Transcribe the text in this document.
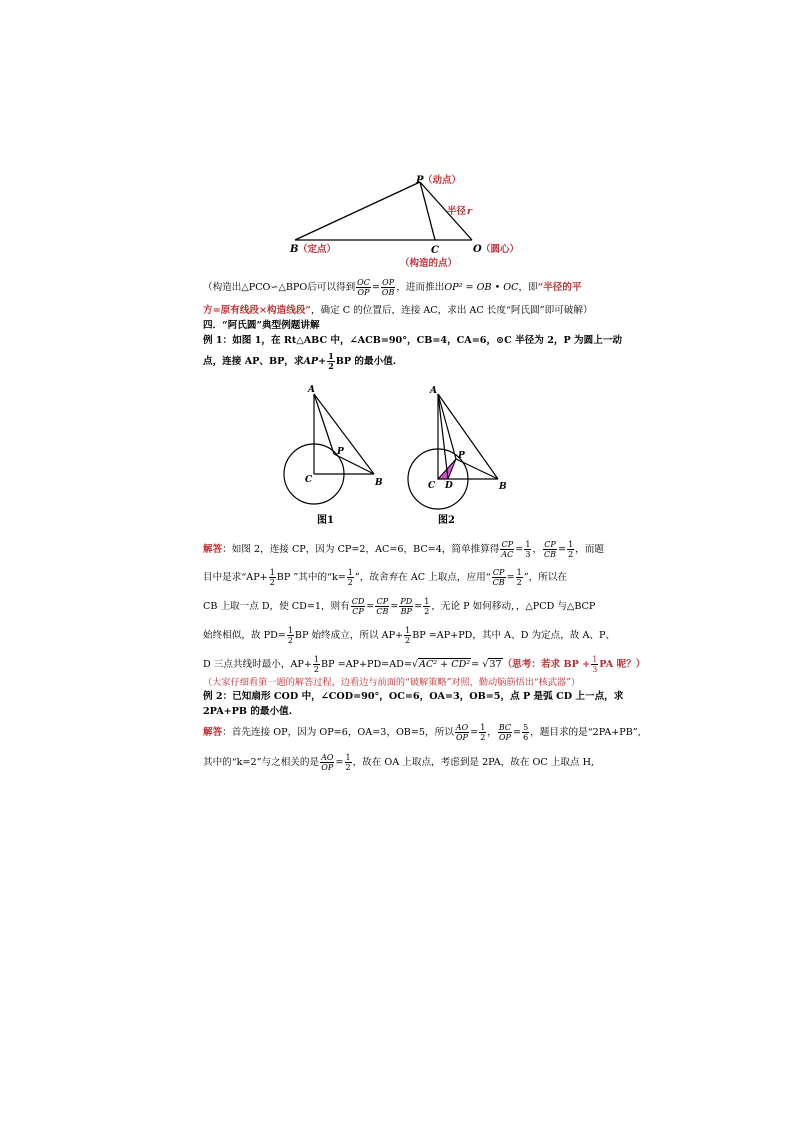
P （动点）
半径 r
B （定点）	C
（构造的点）
O （圆心）
（构造出△PCO∽△BPO后可以得到 $\frac{OC}{OP} = \frac{OP}{OB}$ ，进而推出OP² = OB • OC，即“半径的平
方=原有线段×构造线段”，确定 C 的位置后，连接 AC，求出 AC 长度“阿氏圆”即可破解）
四．“阿氏圆”典型例题讲解
例 1：如图 1，在 Rt△ABC 中，∠ACB=90°，CB=4，CA=6，⊙C 半径为 2，P 为圆上一动
点，连接 AP、BP，求$AP+ \frac{1}{2}$ BP 的最小值.
A
P
C	B
图1
A
P
C D	B
图2
解答：如图 2，连接 CP，因为 CP=2，AC=6，BC=4，简单推算得 $\frac{CP}{AC} = \frac{1}{3}$ ， $\frac{CP}{CB} = \frac{1}{2}$ ，而题
目中是求“$AP+ \frac{1}{2}$ BP ”其中的“$k= \frac{1}{2}$ ”，故舍弃在 AC 上取点，应用“ $\frac{CP}{CB} = \frac{1}{2}$ ”，所以在
CB 上取一点 D，使 CD=1，则有 $\frac{CD}{CP} = \frac{CP}{CB} = \frac{PD}{BP} = \frac{1}{2}$ ，无论 P 如何移动，，△PCD 与△BCP
始终相似，故 $PD= \frac{1}{2}$ BP 始终成立，所以 $AP+ \frac{1}{2}$ BP =AP+PD，其中 A、D 为定点，故 A、P、
D 三点共线时最小，$AP+ \frac{1}{2}$ BP =AP+PD=AD=√AC² + CD²= √37（思考：若求 BP + $\frac{1}{3}$ PA 呢？）
（大家仔细看第一题的解答过程，边看边与前面的“破解策略”对照，勤动脑筋悟出“核武器”）
例 2：已知扇形 COD 中，∠COD=90°，OC=6，OA=3，OB=5，点 P 是弧 CD 上一点，求
2PA+PB 的最小值.
解答：首先连接 OP，因为 OP=6，OA=3，OB=5，所以 $\frac{AO}{OP} = \frac{1}{2}$ ， $\frac{BC}{OP} = \frac{5}{6}$ ，题目求的是“2PA+PB”,
其中的“k=2”与之相关的是 $\frac{AO}{OP} = \frac{1}{2}$ ，故在 OA 上取点，考虑到是 2PA，故在 OC 上取点 H,
